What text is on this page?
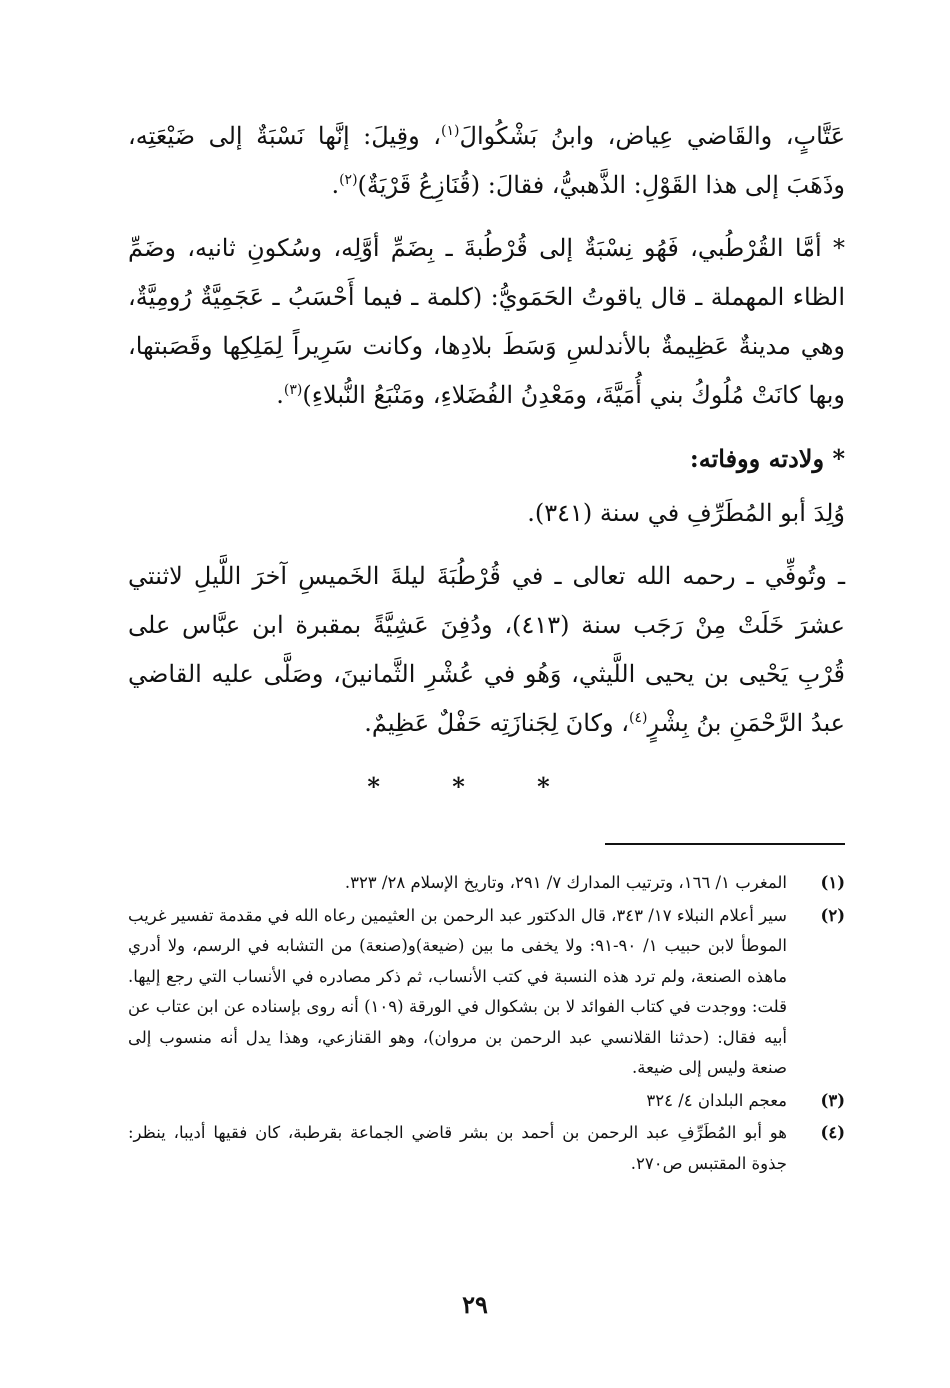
عَتَّابٍ، والقَاضي عِياض، وابنُ بَشْكُوالَ$^{(١)}$، وقِيلَ: إنَّها نَسْبَةٌ إلى ضَيْعَتِه، وذَهَبَ إلى هذا القَوْلِ: الذَّهبيُّ، فقالَ: (قُنَازِعُ قَرْيَةٌ)$^{(٢)}$.

* أمَّا القُرْطُبي، فَهُو نِسْبَةٌ إلى قُرْطُبةَ ـ بِضَمِّ أوَّلِه، وسُكونِ ثانيه، وضَمِّ الظاء المهملة ـ قال ياقوتُ الحَمَويُّ: (كلمة ـ فيما أَحْسَبُ ـ عَجَمِيَّةٌ رُومِيَّةٌ، وهي مدينةٌ عَظِيمةٌ بالأندلسِ وَسَطَ بلادِها، وكانت سَرِيراً لِمَلِكِها وقَصَبتها، وبها كانَتْ مُلُوكُ بني أُمَيَّةَ، ومَعْدِنُ الفُضَلاءِ، ومَنْبَعُ النُّبلاءِ)$^{(٣)}$.

* ولادته ووفاته:

وُلِدَ أبو المُطَرِّفِ في سنة (٣٤١).

ـ وتُوفِّي ـ رحمه الله تعالى ـ في قُرْطُبَةَ ليلةَ الخَميسِ آخرَ اللَّيلِ لاثنتي عشرَ خَلَتْ مِنْ رَجَب سنة (٤١٣)، ودُفِنَ عَشِيَّةً بمقبرة ابن عبَّاس على قُرْبِ يَحْيى بن يحيى اللَّيثي، وَهُو في عُشْرِ الثَّمانينَ، وصَلَّى عليه القاضي عبدُ الرَّحْمَنِ بنُ بِشْرٍ$^{(٤)}$، وكانَ لِجَنازَتِه حَفْلٌ عَظِيمٌ.

* * *
(١)
المغرب ١/ ١٦٦، وترتيب المدارك ٧/ ٢٩١، وتاريخ الإسلام ٢٨/ ٣٢٣.
(٢)
سير أعلام النبلاء ١٧/ ٣٤٣، قال الدكتور عبد الرحمن بن العثيمين رعاه الله في مقدمة تفسير غريب الموطأ لابن حبيب ١/ ٩٠-٩١: ولا يخفى ما بين (ضيعة)و(صنعة) من التشابه في الرسم، ولا أدري ماهذه الصنعة، ولم ترد هذه النسبة في كتب الأنساب، ثم ذكر مصادره في الأنساب التي رجع إليها. قلت: ووجدت في كتاب الفوائد لا بن بشكوال في الورقة (١٠٩) أنه روى بإسناده عن ابن عتاب عن أبيه فقال: (حدثنا القلانسي عبد الرحمن بن مروان)، وهو القنازعي، وهذا يدل أنه منسوب إلى صنعة وليس إلى ضيعة.
(٣)
معجم البلدان ٤/ ٣٢٤
(٤)
هو أبو المُطَرِّفِ عبد الرحمن بن أحمد بن بشر قاضي الجماعة بقرطبة، كان فقيها أديبا، ينظر: جذوة المقتبس ص٢٧٠.
٢٩
